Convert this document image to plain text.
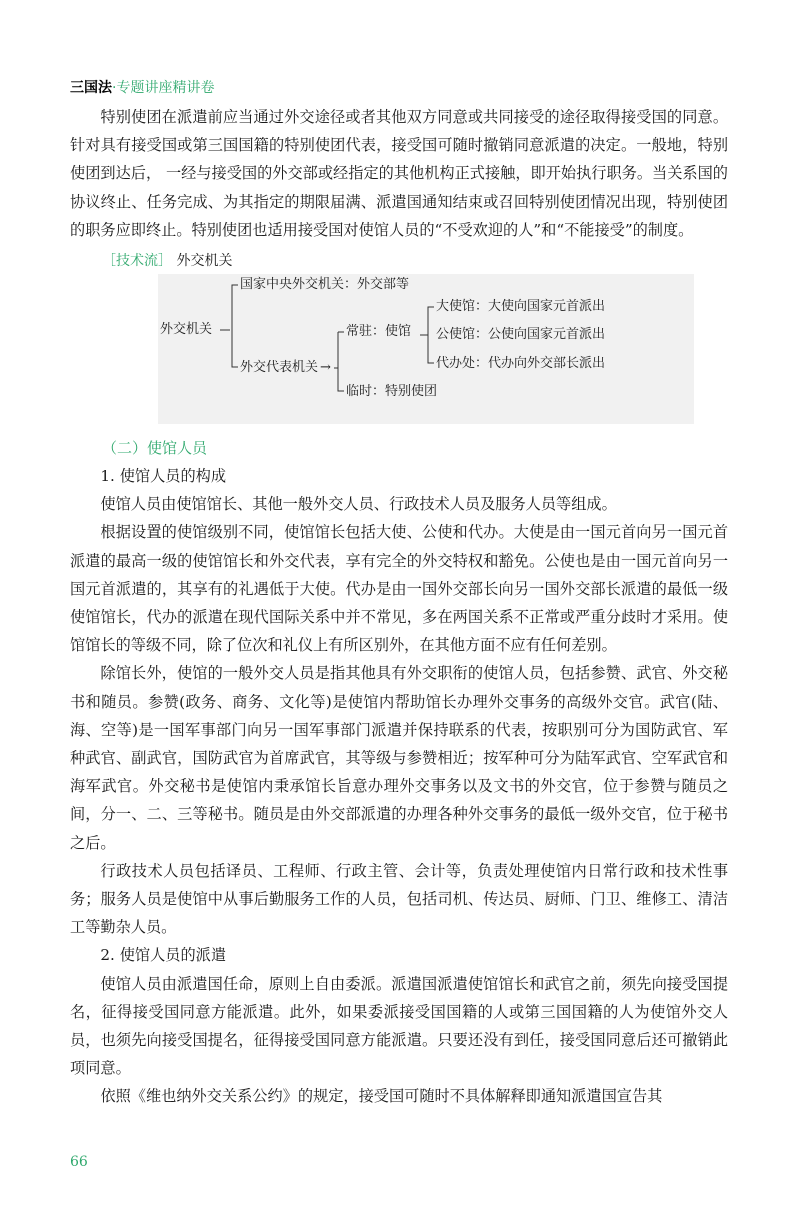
三国法·专题讲座精讲卷

特别使团在派遣前应当通过外交途径或者其他双方同意或共同接受的途径取得接受国的同意。针对具有接受国或第三国国籍的特别使团代表，接受国可随时撤销同意派遣的决定。一般地，特别使团到达后， 一经与接受国的外交部或经指定的其他机构正式接触，即开始执行职务。当关系国的协议终止、任务完成、为其指定的期限届满、派遣国通知结束或召回特别使团情况出现，特别使团的职务应即终止。特别使团也适用接受国对使馆人员的“不受欢迎的人”和“不能接受”的制度。

［技术流］ 外交机关
外交机关
国家中央外交机关：外交部等
外交代表机关 →
常驻：使馆
临时：特别使团
大使馆：大使向国家元首派出
公使馆：公使向国家元首派出
代办处：代办向外交部长派出
（二）使馆人员

1. 使馆人员的构成

使馆人员由使馆馆长、其他一般外交人员、行政技术人员及服务人员等组成。

根据设置的使馆级别不同，使馆馆长包括大使、公使和代办。大使是由一国元首向另一国元首派遣的最高一级的使馆馆长和外交代表，享有完全的外交特权和豁免。公使也是由一国元首向另一国元首派遣的，其享有的礼遇低于大使。代办是由一国外交部长向另一国外交部长派遣的最低一级使馆馆长，代办的派遣在现代国际关系中并不常见，多在两国关系不正常或严重分歧时才采用。使馆馆长的等级不同，除了位次和礼仪上有所区别外，在其他方面不应有任何差别。

除馆长外，使馆的一般外交人员是指其他具有外交职衔的使馆人员，包括参赞、武官、外交秘书和随员。参赞(政务、商务、文化等)是使馆内帮助馆长办理外交事务的高级外交官。武官(陆、海、空等)是一国军事部门向另一国军事部门派遣并保持联系的代表，按职别可分为国防武官、军种武官、副武官，国防武官为首席武官，其等级与参赞相近；按军种可分为陆军武官、空军武官和海军武官。外交秘书是使馆内秉承馆长旨意办理外交事务以及文书的外交官，位于参赞与随员之间，分一、二、三等秘书。随员是由外交部派遣的办理各种外交事务的最低一级外交官，位于秘书之后。

行政技术人员包括译员、工程师、行政主管、会计等，负责处理使馆内日常行政和技术性事务；服务人员是使馆中从事后勤服务工作的人员，包括司机、传达员、厨师、门卫、维修工、清洁工等勤杂人员。

2. 使馆人员的派遣

使馆人员由派遣国任命，原则上自由委派。派遣国派遣使馆馆长和武官之前，须先向接受国提名，征得接受国同意方能派遣。此外，如果委派接受国国籍的人或第三国国籍的人为使馆外交人员，也须先向接受国提名，征得接受国同意方能派遣。只要还没有到任，接受国同意后还可撤销此项同意。

依照《维也纳外交关系公约》的规定，接受国可随时不具体解释即通知派遣国宣告其

66
